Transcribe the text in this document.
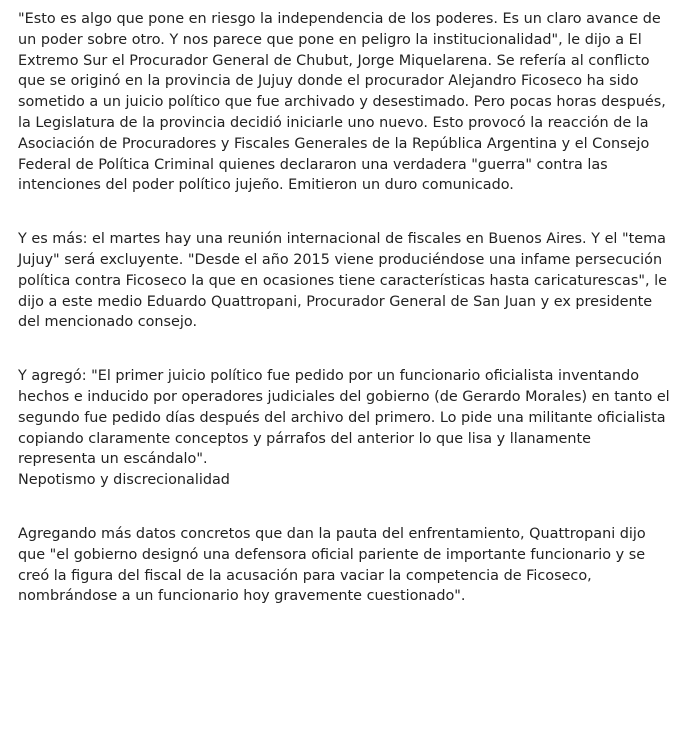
"Esto es algo que pone en riesgo la independencia de los poderes. Es un claro avance de un poder sobre otro. Y nos parece que pone en peligro la institucionalidad", le dijo a El Extremo Sur el Procurador General de Chubut, Jorge Miquelarena. Se refería al conflicto que se originó en la provincia de Jujuy donde el procurador Alejandro Ficoseco ha sido sometido a un juicio político que fue archivado y desestimado. Pero pocas horas después, la Legislatura de la provincia decidió iniciarle uno nuevo. Esto provocó la reacción de la Asociación de Procuradores y Fiscales Generales de la República Argentina y el Consejo Federal de Política Criminal quienes declararon una verdadera "guerra" contra las intenciones del poder político jujeño. Emitieron un duro comunicado.

Y es más: el martes hay una reunión internacional de fiscales en Buenos Aires. Y el "tema Jujuy" será excluyente. "Desde el año 2015 viene produciéndose una infame persecución política contra Ficoseco la que en ocasiones tiene características hasta caricaturescas", le dijo a este medio Eduardo Quattropani, Procurador General de San Juan y ex presidente del mencionado consejo.

Y agregó: "El primer juicio político fue pedido por un funcionario oficialista inventando hechos e inducido por operadores judiciales del gobierno (de Gerardo Morales) en tanto el segundo fue pedido días después del archivo del primero. Lo pide una militante oficialista copiando claramente conceptos y párrafos del anterior lo que lisa y llanamente representa un escándalo".

Nepotismo y discrecionalidad

Agregando más datos concretos que dan la pauta del enfrentamiento, Quattropani dijo que "el gobierno designó una defensora oficial pariente de importante funcionario y se creó la figura del fiscal de la acusación para vaciar la competencia de Ficoseco, nombrándose a un funcionario hoy gravemente cuestionado".
